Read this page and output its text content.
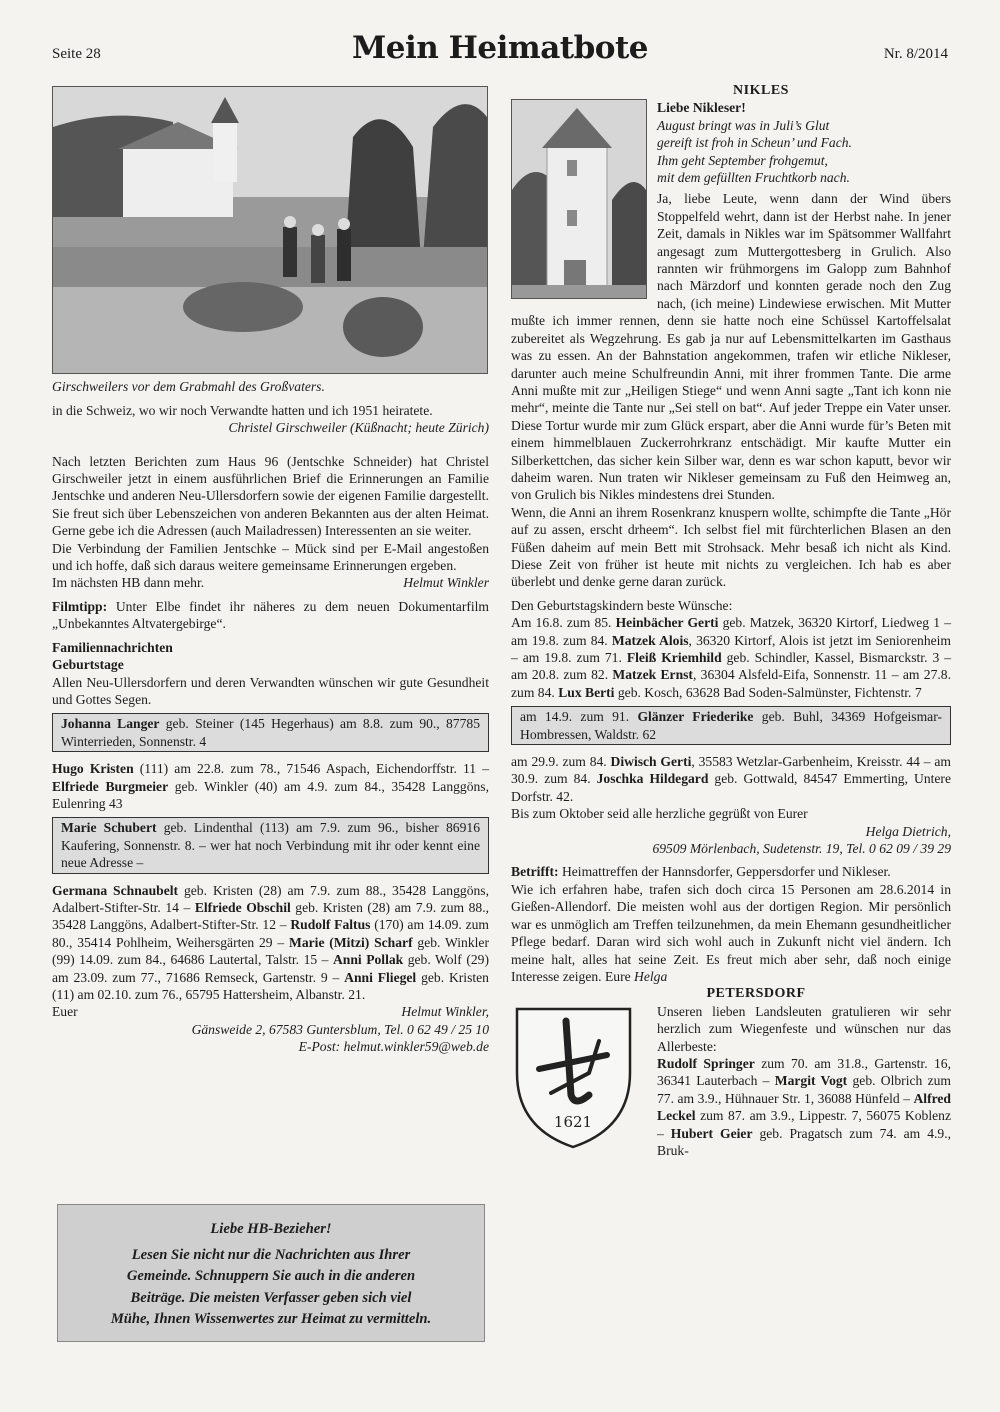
Seite 28	Mein Heimatbote	Nr. 8/2014

Girschweilers vor dem Grabmahl des Großvaters.

in die Schweiz, wo wir noch Verwandte hatten und ich 1951 heiratete.

Christel Girschweiler (Küßnacht; heute Zürich)

Nach letzten Berichten zum Haus 96 (Jentschke Schneider) hat Christel Girschweiler jetzt in einem ausführlichen Brief die Erinnerungen an Familie Jentschke und anderen Neu-Ullersdorfern sowie der eigenen Familie dargestellt. Sie freut sich über Lebenszeichen von anderen Bekannten aus der alten Heimat. Gerne gebe ich die Adressen (auch Mailadressen) Interessenten an sie weiter.

Die Verbindung der Familien Jentschke – Mück sind per E-Mail angestoßen und ich hoffe, daß sich daraus weitere gemeinsame Erinnerungen ergeben.

Im nächsten HB dann mehr.	Helmut Winkler

Filmtipp: Unter Elbe findet ihr näheres zu dem neuen Dokumentarfilm „Unbekanntes Altvatergebirge“.

Familiennachrichten

Geburtstage

Allen Neu-Ullersdorfern und deren Verwandten wünschen wir gute Gesundheit und Gottes Segen.

Johanna Langer geb. Steiner (145 Hegerhaus) am 8.8. zum 90., 87785 Winterrieden, Sonnenstr. 4

Hugo Kristen (111) am 22.8. zum 78., 71546 Aspach, Eichendorffstr. 11 – Elfriede Burgmeier geb. Winkler (40) am 4.9. zum 84., 35428 Langgöns, Eulenring 43

Marie Schubert geb. Lindenthal (113) am 7.9. zum 96., bisher 86916 Kaufering, Sonnenstr. 8. – wer hat noch Verbindung mit ihr oder kennt eine neue Adresse –

Germana Schnaubelt geb. Kristen (28) am 7.9. zum 88., 35428 Langgöns, Adalbert-Stifter-Str. 14 – Elfriede Obschil geb. Kristen (28) am 7.9. zum 88., 35428 Langgöns, Adalbert-Stifter-Str. 12 – Rudolf Faltus (170) am 14.09. zum 80., 35414 Pohlheim, Weihersgärten 29 – Marie (Mitzi) Scharf geb. Winkler (99) 14.09. zum 84., 64686 Lautertal, Talstr. 15 – Anni Pollak geb. Wolf (29) am 23.09. zum 77., 71686 Remseck, Gartenstr. 9 – Anni Fliegel geb. Kristen (11) am 02.10. zum 76., 65795 Hattersheim, Albanstr. 21.

Euer	Helmut Winkler,

Gänsweide 2, 67583 Guntersblum, Tel. 0 62 49 / 25 10

E-Post: helmut.winkler59@web.de

Liebe HB-Bezieher!

Lesen Sie nicht nur die Nachrichten aus Ihrer

Gemeinde. Schnuppern Sie auch in die anderen

Beiträge. Die meisten Verfasser geben sich viel

Mühe, Ihnen Wissenwertes zur Heimat zu vermitteln.

NIKLES

Liebe Nikleser!

August bringt was in Juli’s Glut

gereift ist froh in Scheun’ und Fach.

Ihm geht September frohgemut,

mit dem gefüllten Fruchtkorb nach.

Ja, liebe Leute, wenn dann der Wind übers Stoppelfeld wehrt, dann ist der Herbst nahe. In jener Zeit, damals in Nikles war im Spätsommer Wallfahrt angesagt zum Muttergottesberg in Grulich. Also rannten wir frühmorgens im Galopp zum Bahnhof nach Märzdorf und konnten gerade noch den Zug nach, (ich meine) Lindewiese erwischen. Mit Mutter mußte ich immer rennen, denn sie hatte noch eine Schüssel Kartoffelsalat zubereitet als Wegzehrung. Es gab ja nur auf Lebensmittelkarten im Gasthaus was zu essen. An der Bahnstation angekommen, trafen wir etliche Nikleser, darunter auch meine Schulfreundin Anni, mit ihrer frommen Tante. Die arme Anni mußte mit zur „Heiligen Stiege“ und wenn Anni sagte „Tant ich konn nie mehr“, meinte die Tante nur „Sei stell on bat“. Auf jeder Treppe ein Vater unser. Diese Tortur wurde mir zum Glück erspart, aber die Anni wurde für’s Beten mit einem himmelblauen Zuckerrohrkranz entschädigt. Mir kaufte Mutter ein Silberkettchen, das sicher kein Silber war, denn es war schon kaputt, bevor wir daheim waren. Nun traten wir Nikleser gemeinsam zu Fuß den Heimweg an, von Grulich bis Nikles mindestens drei Stunden.

Wenn, die Anni an ihrem Rosenkranz knuspern wollte, schimpfte die Tante „Hör auf zu assen, erscht drheem“. Ich selbst fiel mit fürchterlichen Blasen an den Füßen daheim auf mein Bett mit Strohsack. Mehr besaß ich nicht als Kind. Diese Zeit von früher ist heute mit nichts zu vergleichen. Ich hab es aber überlebt und denke gerne daran zurück.

Den Geburtstagskindern beste Wünsche:

Am 16.8. zum 85. Heinbächer Gerti geb. Matzek, 36320 Kirtorf, Liedweg 1 – am 19.8. zum 84. Matzek Alois, 36320 Kirtorf, Alois ist jetzt im Seniorenheim – am 19.8. zum 71. Fleiß Kriemhild geb. Schindler, Kassel, Bismarckstr. 3 – am 20.8. zum 82. Matzek Ernst, 36304 Alsfeld-Eifa, Sonnenstr. 11 – am 27.8. zum 84. Lux Berti geb. Kosch, 63628 Bad Soden-Salmünster, Fichtenstr. 7

am 14.9. zum 91. Glänzer Friederike geb. Buhl, 34369 Hofgeismar-Hombressen, Waldstr. 62

am 29.9. zum 84. Diwisch Gerti, 35583 Wetzlar-Garbenheim, Kreisstr. 44 – am 30.9. zum 84. Joschka Hildegard geb. Gottwald, 84547 Emmerting, Untere Dorfstr. 42.

Bis zum Oktober seid alle herzliche gegrüßt von Eurer

Helga Dietrich,

69509 Mörlenbach, Sudetenstr. 19, Tel. 0 62 09 / 39 29

Betrifft: Heimattreffen der Hannsdorfer, Geppersdorfer und Nikleser.

Wie ich erfahren habe, trafen sich doch circa 15 Personen am 28.6.2014 in Gießen-Allendorf. Die meisten wohl aus der dortigen Region. Mir persönlich war es unmöglich am Treffen teilzunehmen, da mein Ehemann gesundheitlicher Pflege bedarf. Daran wird sich wohl auch in Zukunft nicht viel ändern. Ich meine halt, alles hat seine Zeit. Es freut mich aber sehr, daß noch einige Interesse zeigen. Eure Helga

PETERSDORF

1621

Unseren lieben Landsleuten gratulieren wir sehr herzlich zum Wiegenfeste und wünschen nur das Allerbeste:

Rudolf Springer zum 70. am 31.8., Gartenstr. 16, 36341 Lauterbach – Margit Vogt geb. Olbrich zum 77. am 3.9., Hühnauer Str. 1, 36088 Hünfeld – Alfred Leckel zum 87. am 3.9., Lippestr. 7, 56075 Koblenz – Hubert Geier geb. Pragatsch zum 74. am 4.9., Bruk-
